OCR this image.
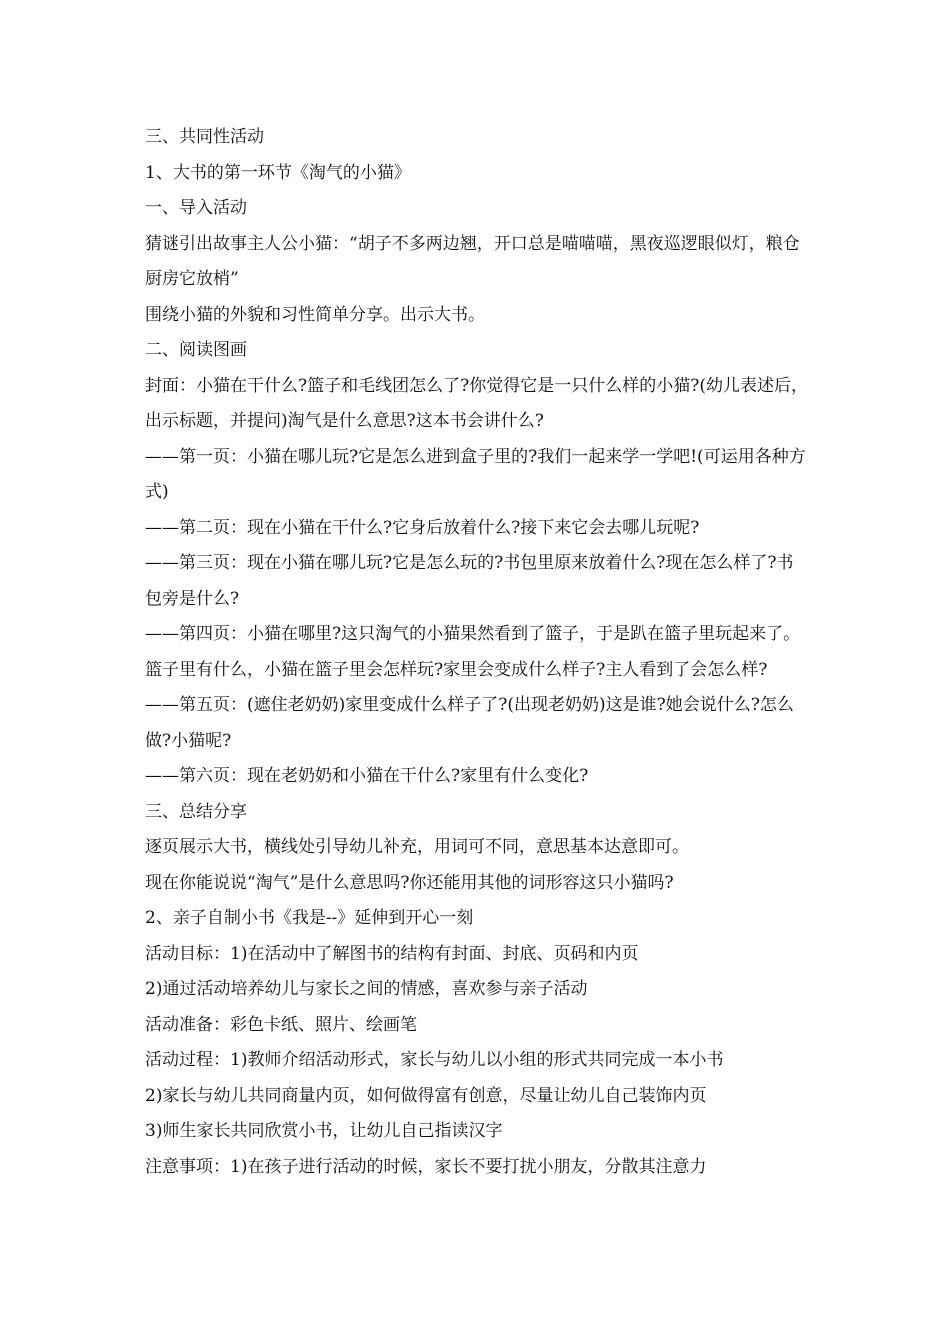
三、共同性活动

1、大书的第一环节《淘气的小猫》

一、导入活动

猜谜引出故事主人公小猫：“胡子不多两边翘，开口总是喵喵喵，黑夜巡逻眼似灯，粮仓厨房它放梢”

围绕小猫的外貌和习性简单分享。出示大书。

二、阅读图画

封面：小猫在干什么?篮子和毛线团怎么了?你觉得它是一只什么样的小猫?(幼儿表述后，出示标题，并提问)淘气是什么意思?这本书会讲什么?

——第一页：小猫在哪儿玩?它是怎么进到盒子里的?我们一起来学一学吧!(可运用各种方式)

——第二页：现在小猫在干什么?它身后放着什么?接下来它会去哪儿玩呢?

——第三页：现在小猫在哪儿玩?它是怎么玩的?书包里原来放着什么?现在怎么样了?书包旁是什么?

——第四页：小猫在哪里?这只淘气的小猫果然看到了篮子，于是趴在篮子里玩起来了。篮子里有什么，小猫在篮子里会怎样玩?家里会变成什么样子?主人看到了会怎么样?

——第五页：(遮住老奶奶)家里变成什么样子了?(出现老奶奶)这是谁?她会说什么?怎么做?小猫呢?

——第六页：现在老奶奶和小猫在干什么?家里有什么变化?

三、总结分享

逐页展示大书，横线处引导幼儿补充，用词可不同，意思基本达意即可。

现在你能说说“淘气”是什么意思吗?你还能用其他的词形容这只小猫吗?

2、亲子自制小书《我是--》延伸到开心一刻

活动目标：1)在活动中了解图书的结构有封面、封底、页码和内页

2)通过活动培养幼儿与家长之间的情感，喜欢参与亲子活动

活动准备：彩色卡纸、照片、绘画笔

活动过程：1)教师介绍活动形式，家长与幼儿以小组的形式共同完成一本小书

2)家长与幼儿共同商量内页，如何做得富有创意，尽量让幼儿自己装饰内页

3)师生家长共同欣赏小书，让幼儿自己指读汉字

注意事项：1)在孩子进行活动的时候，家长不要打扰小朋友，分散其注意力
